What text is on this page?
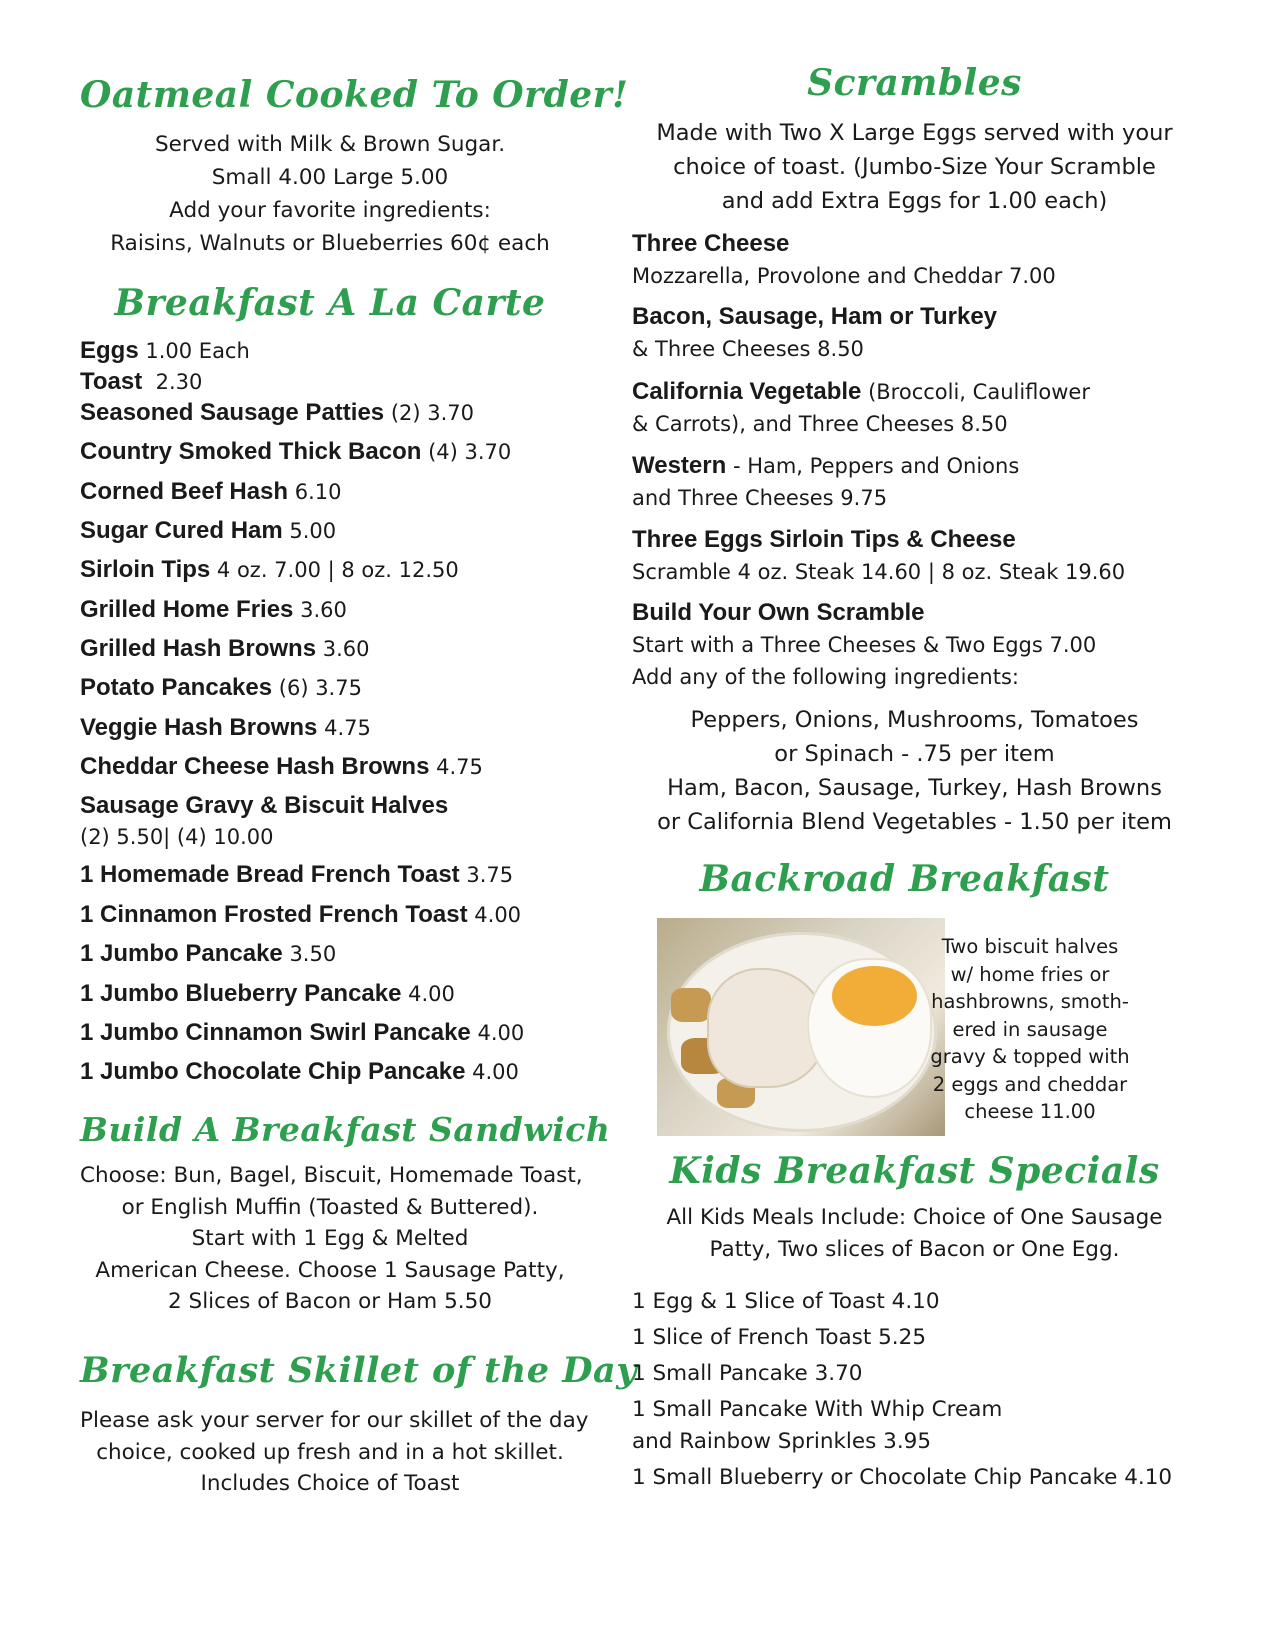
Oatmeal Cooked To Order!
Served with Milk & Brown Sugar.
Small 4.00 Large 5.00
Add your favorite ingredients:
Raisins, Walnuts or Blueberries 60¢ each
Breakfast A La Carte
Eggs 1.00 Each
Toast  2.30
Seasoned Sausage Patties (2) 3.70
Country Smoked Thick Bacon (4) 3.70
Corned Beef Hash 6.10
Sugar Cured Ham 5.00
Sirloin Tips 4 oz. 7.00 | 8 oz. 12.50
Grilled Home Fries 3.60
Grilled Hash Browns 3.60
Potato Pancakes (6) 3.75
Veggie Hash Browns 4.75
Cheddar Cheese Hash Browns 4.75
Sausage Gravy & Biscuit Halves
(2) 5.50| (4) 10.00
1 Homemade Bread French Toast 3.75
1 Cinnamon Frosted French Toast 4.00
1 Jumbo Pancake 3.50
1 Jumbo Blueberry Pancake 4.00
1 Jumbo Cinnamon Swirl Pancake 4.00
1 Jumbo Chocolate Chip Pancake 4.00
Build A Breakfast Sandwich
Choose: Bun, Bagel, Biscuit, Homemade Toast,
or English Muffin (Toasted & Buttered).
Start with 1 Egg & Melted
American Cheese. Choose 1 Sausage Patty,
2 Slices of Bacon or Ham 5.50
Breakfast Skillet of the Day
Please ask your server for our skillet of the day
choice, cooked up fresh and in a hot skillet.
Includes Choice of Toast
Scrambles
Made with Two X Large Eggs served with your
choice of toast. (Jumbo-Size Your Scramble
and add Extra Eggs for 1.00 each)
Three Cheese
Mozzarella, Provolone and Cheddar 7.00
Bacon, Sausage, Ham or Turkey
& Three Cheeses 8.50
California Vegetable (Broccoli, Cauliflower
& Carrots), and Three Cheeses 8.50
Western - Ham, Peppers and Onions
and Three Cheeses 9.75
Three Eggs Sirloin Tips & Cheese
Scramble 4 oz. Steak 14.60 | 8 oz. Steak 19.60
Build Your Own Scramble
Start with a Three Cheeses & Two Eggs 7.00
Add any of the following ingredients:
Peppers, Onions, Mushrooms, Tomatoes
or Spinach - .75 per item
Ham, Bacon, Sausage, Turkey, Hash Browns
or California Blend Vegetables - 1.50 per item
Backroad Breakfast
Kids Breakfast Specials
All Kids Meals Include: Choice of One Sausage
Patty, Two slices of Bacon or One Egg.
1 Egg & 1 Slice of Toast 4.10
1 Slice of French Toast 5.25
1 Small Pancake 3.70
1 Small Pancake With Whip Cream
and Rainbow Sprinkles 3.95
1 Small Blueberry or Chocolate Chip Pancake 4.10
Two biscuit halves
w/ home fries or
hashbrowns, smoth-
ered in sausage
gravy & topped with
2 eggs and cheddar
cheese 11.00
